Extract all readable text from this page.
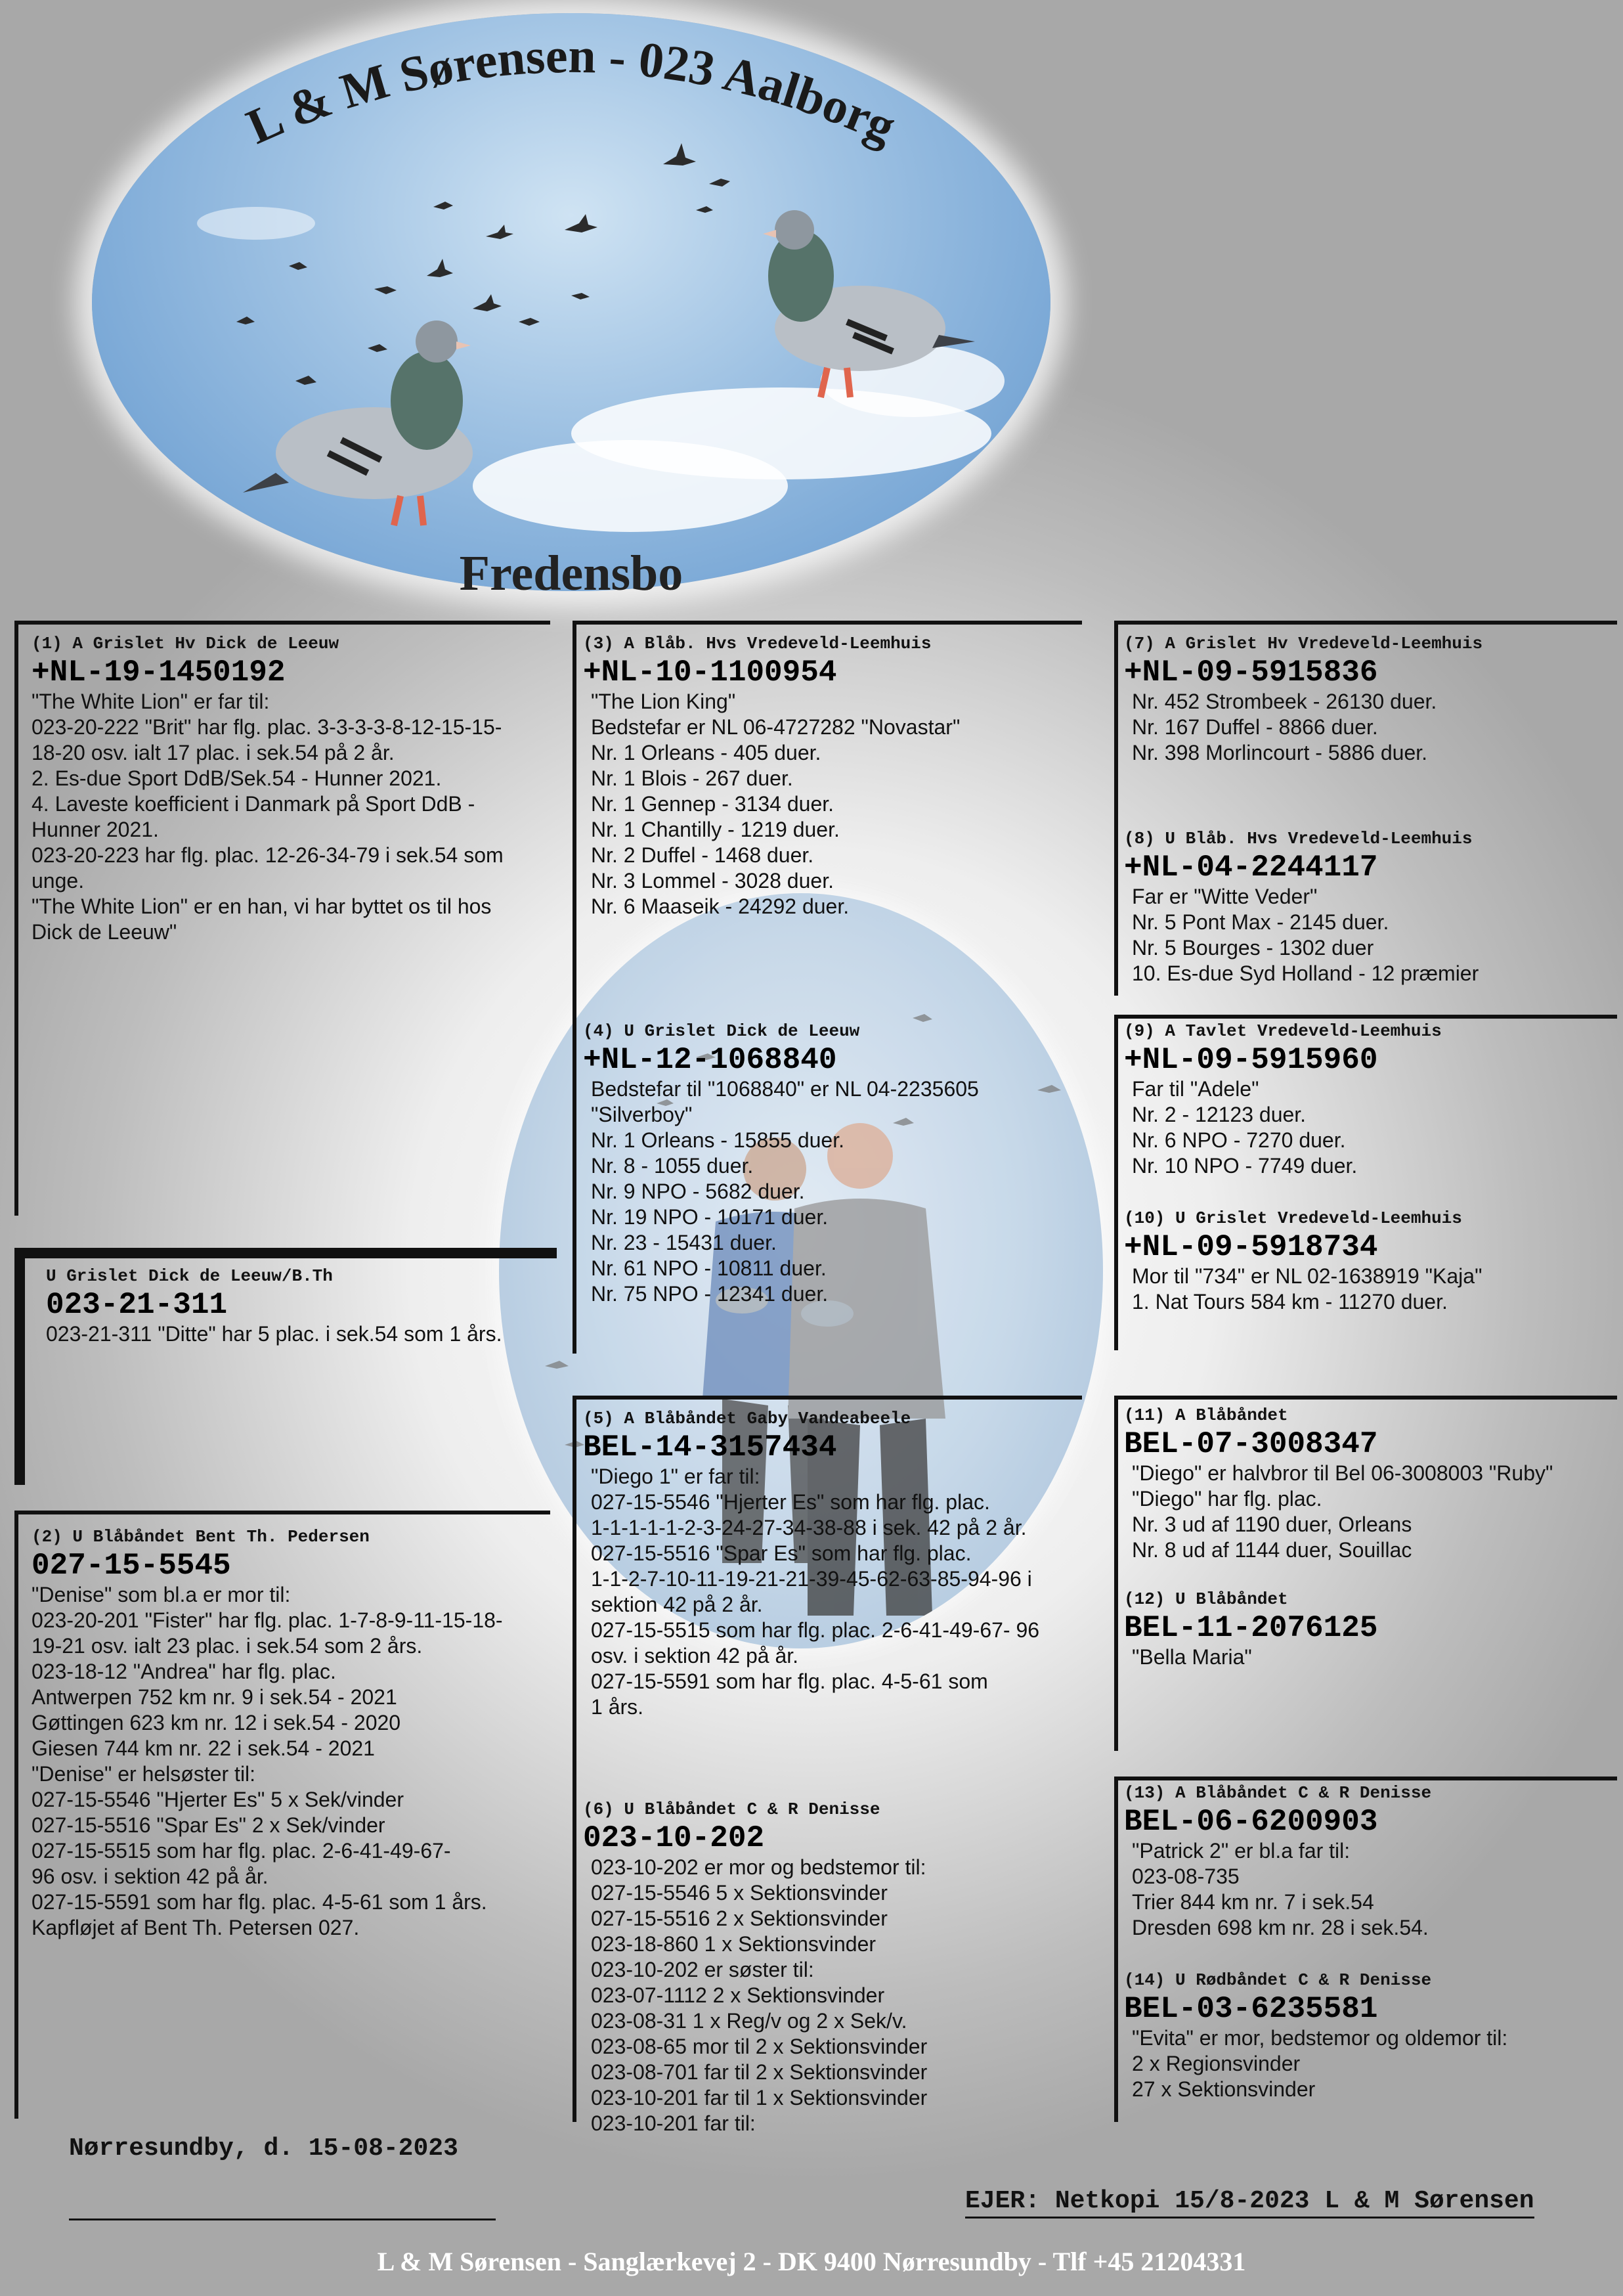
L & M Sørensen - 023 Aalborg
Fredensbo

(1) A Grislet Hv Dick de Leeuw

+NL-19-1450192

"The White Lion" er far til:
023-20-222 "Brit" har flg. plac. 3-3-3-3-8-12-15-15-
18-20 osv. ialt 17 plac. i sek.54 på 2 år.
2. Es-due Sport DdB/Sek.54 - Hunner 2021.
4. Laveste koefficient i Danmark på Sport DdB -
Hunner 2021.
023-20-223 har flg. plac. 12-26-34-79 i sek.54 som
unge.
"The White Lion" er en han, vi har byttet os til hos
Dick de Leeuw"

U Grislet Dick de Leeuw/B.Th

023-21-311

023-21-311 "Ditte" har 5 plac. i sek.54 som 1 års.

(2) U Blåbåndet Bent Th. Pedersen

027-15-5545

"Denise" som bl.a er mor til:
023-20-201 "Fister" har flg. plac. 1-7-8-9-11-15-18-
19-21 osv. ialt 23 plac. i sek.54 som 2 års.
023-18-12 "Andrea" har flg. plac.
Antwerpen 752 km nr. 9 i sek.54 - 2021
Gøttingen 623 km nr. 12 i sek.54 - 2020
Giesen 744 km nr. 22 i sek.54 - 2021
"Denise" er helsøster til:
027-15-5546 "Hjerter Es" 5 x Sek/vinder
027-15-5516 "Spar Es" 2 x Sek/vinder
027-15-5515 som har flg. plac. 2-6-41-49-67-
96 osv. i sektion 42 på år.
027-15-5591 som har flg. plac. 4-5-61 som 1 års.
Kapfløjet af Bent Th. Petersen 027.

(3) A Blåb. Hvs Vredeveld-Leemhuis

+NL-10-1100954

"The Lion King"
Bedstefar er NL 06-4727282 "Novastar"
Nr. 1 Orleans - 405 duer.
Nr. 1 Blois - 267 duer.
Nr. 1 Gennep - 3134 duer.
Nr. 1 Chantilly - 1219 duer.
Nr. 2 Duffel - 1468 duer.
Nr. 3 Lommel - 3028 duer.
Nr. 6 Maaseik - 24292 duer.

(4) U Grislet Dick de Leeuw

+NL-12-1068840

Bedstefar til "1068840" er NL 04-2235605
"Silverboy"
Nr. 1 Orleans - 15855 duer.
Nr. 8 - 1055 duer.
Nr. 9 NPO - 5682 duer.
Nr. 19 NPO - 10171 duer.
Nr. 23 - 15431 duer.
Nr. 61 NPO - 10811 duer.
Nr. 75 NPO - 12341 duer.

(5) A Blåbåndet Gaby Vandeabeele

BEL-14-3157434

"Diego 1" er far til:
027-15-5546 "Hjerter Es" som har flg. plac.
1-1-1-1-1-2-3-24-27-34-38-88 i sek. 42 på 2 år.
027-15-5516 "Spar Es" som har flg. plac.
1-1-2-7-10-11-19-21-21-39-45-62-63-85-94-96 i
sektion 42 på 2 år.
027-15-5515 som har flg. plac. 2-6-41-49-67- 96
osv. i sektion 42 på år.
027-15-5591 som har flg. plac. 4-5-61 som
1 års.

(6) U Blåbåndet C & R Denisse

023-10-202

023-10-202 er mor og bedstemor til:
027-15-5546 5 x Sektionsvinder
027-15-5516 2 x Sektionsvinder
023-18-860 1 x Sektionsvinder
023-10-202 er søster til:
023-07-1112 2 x Sektionsvinder
023-08-31 1 x Reg/v og 2 x Sek/v.
023-08-65 mor til 2 x Sektionsvinder
023-08-701 far til 2 x Sektionsvinder
023-10-201 far til 1 x Sektionsvinder
023-10-201 far til:

(7) A Grislet Hv Vredeveld-Leemhuis

+NL-09-5915836

Nr. 452 Strombeek - 26130 duer.
Nr. 167 Duffel - 8866 duer.
Nr. 398 Morlincourt - 5886 duer.

(8) U Blåb. Hvs Vredeveld-Leemhuis

+NL-04-2244117

Far er "Witte Veder"
Nr. 5 Pont Max - 2145 duer.
Nr. 5 Bourges - 1302 duer
10. Es-due Syd Holland - 12 præmier

(9) A Tavlet Vredeveld-Leemhuis

+NL-09-5915960

Far til "Adele"
Nr. 2 - 12123 duer.
Nr. 6 NPO - 7270 duer.
Nr. 10 NPO - 7749 duer.

(10) U Grislet Vredeveld-Leemhuis

+NL-09-5918734

Mor til "734" er NL 02-1638919 "Kaja"
1. Nat Tours 584 km - 11270 duer.

(11) A Blåbåndet

BEL-07-3008347

"Diego" er halvbror til Bel 06-3008003 "Ruby"
"Diego" har flg. plac.
Nr. 3 ud af 1190 duer, Orleans
Nr. 8 ud af 1144 duer, Souillac

(12) U Blåbåndet

BEL-11-2076125

"Bella Maria"

(13) A Blåbåndet C & R Denisse

BEL-06-6200903

"Patrick 2" er bl.a far til:
023-08-735
Trier 844 km nr. 7 i sek.54
Dresden 698 km nr. 28 i sek.54.

(14) U Rødbåndet C & R Denisse

BEL-03-6235581

"Evita" er mor, bedstemor og oldemor til:
2 x Regionsvinder
27 x Sektionsvinder
Nørresundby, d. 15-08-2023
EJER: Netkopi 15/8-2023 L & M Sørensen
L & M Sørensen - Sanglærkevej 2 - DK 9400 Nørresundby - Tlf +45 21204331
